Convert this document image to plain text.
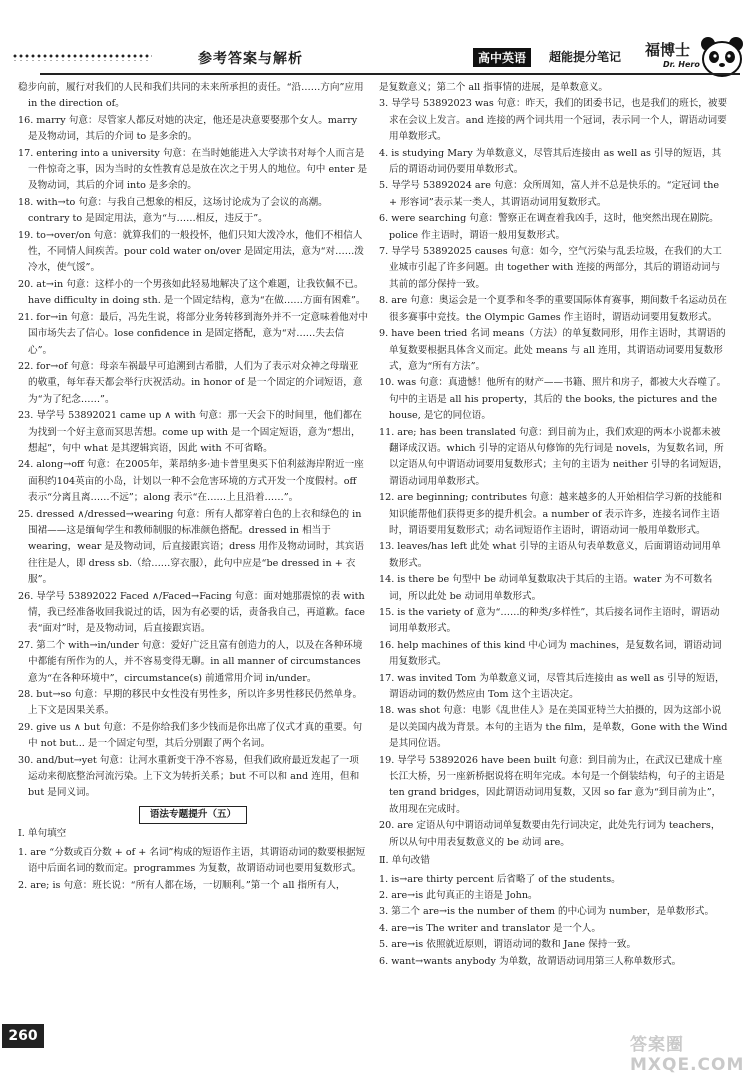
参考答案与解析	高中英语	超能提分笔记 福博士
Dr. Hero

稳步向前，履行对我们的人民和我们共同的未来所承担的责任。“沿……方向”应用 in the direction of。

16. marry 句意：尽管家人都反对她的决定，他还是决意要娶那个女人。marry 是及物动词，其后的介词 to 是多余的。

17. entering into a university 句意：在当时她能进入大学读书对每个人而言是一件惊奇之事，因为当时的女性教育总是放在次之于男人的地位。句中 enter 是及物动词，其后的介词 into 是多余的。

18. with→to 句意：与我自己想象的相反，这场讨论成为了会议的高潮。contrary to 是固定用法，意为“与……相反，违反于”。

19. to→over/on 句意：就算我们的一般投怀，他们只知大泼冷水，他们不相信人性，不同情人间疾苦。pour cold water on/over 是固定用法，意为“对……泼冷水，使气馁”。

20. at→in 句意：这样小的一个男孩如此轻易地解决了这个难题，让我钦佩不已。have difficulty in doing sth. 是一个固定结构，意为“在做……方面有困难”。

21. for→in 句意：最后，冯先生说，将部分业务转移到海外并不一定意味着他对中国市场失去了信心。lose confidence in 是固定搭配，意为“对……失去信心”。

22. for→of 句意：母亲车祸最早可追溯到古希腊，人们为了表示对众神之母瑞亚的敬重，每年春天都会举行庆祝活动。in honor of 是一个固定的介词短语，意为“为了纪念……”。

23. 导学号 53892021 came up ∧ with 句意：那一天会下的时间里，他们都在为找到一个好主意而冥思苦想。come up with 是一个固定短语，意为“想出，想起”，句中 what 是其逻辑宾语，因此 with 不可省略。

24. along→off 句意：在2005年，莱昂纳多·迪卡普里奥买下伯利兹海岸附近一座面积约104英亩的小岛，计划以一种不会危害环境的方式开发一个度假村。off 表示“分离且离……不远”；along 表示“在……上且沿着……”。

25. dressed ∧/dressed→wearing 句意：所有人都穿着白色的上衣和绿色的 in 围裙——这是缅甸学生和教师制服的标准颜色搭配。dressed in 相当于 wearing，wear 是及物动词，后直接跟宾语；dress 用作及物动词时，其宾语往往是人，即 dress sb.（给……穿衣服），此句中应是“be dressed in + 衣服”。

26. 导学号 53892022 Faced ∧/Faced→Facing 句意：面对她那震惊的表 with 情，我已经准备收回我说过的话，因为有必要的话，责备我自己，再道歉。face 表“面对”时，是及物动词，后直接跟宾语。

27. 第二个 with→in/under 句意：爱好广泛且富有创造力的人，以及在各种环境中都能有所作为的人，并不容易变得无聊。in all manner of circumstances 意为“在各种环境中”，circumstance(s) 前通常用介词 in/under。

28. but→so 句意：早期的移民中女性没有男性多，所以许多男性移民仍然单身。上下文是因果关系。

29. give us ∧ but 句意：不是你给我们多少钱而是你出席了仪式才真的重要。句中 not but... 是一个固定句型，其后分别跟了两个名词。

30. and/but→yet 句意：让河水重新变干净不容易，但我们政府最近发起了一项运动来彻底整治河流污染。上下文为转折关系；but 不可以和 and 连用，但和 but 是同义词。

语法专题提升（五）

Ⅰ. 单句填空

1. are “分数或百分数 + of + 名词”构成的短语作主语，其谓语动词的数要根据短语中后面名词的数而定。programmes 为复数，故谓语动词也要用复数形式。

2. are; is 句意：班长说：“所有人都在场，一切顺利。”第一个 all 指所有人，

是复数意义；第二个 all 指事情的进展，是单数意义。

3. 导学号 53892023 was 句意：昨天，我们的团委书记，也是我们的班长，被要求在会议上发言。and 连接的两个词共用一个冠词，表示同一个人，谓语动词要用单数形式。

4. is studying Mary 为单数意义，尽管其后连接由 as well as 引导的短语，其后的谓语动词仍要用单数形式。

5. 导学号 53892024 are 句意：众所周知，富人并不总是快乐的。“定冠词 the + 形容词”表示某一类人，其谓语动词用复数形式。

6. were searching 句意：警察正在调查着我凶手，这时，他突然出现在剧院。police 作主语时，谓语一般用复数形式。

7. 导学号 53892025 causes 句意：如今，空气污染与乱丢垃圾，在我们的大工业城市引起了许多问题。由 together with 连接的两部分，其后的谓语动词与其前的部分保持一致。

8. are 句意：奥运会是一个夏季和冬季的重要国际体育赛事，期间数千名运动员在很多赛事中竞技。the Olympic Games 作主语时，谓语动词要用复数形式。

9. have been tried 名词 means（方法）的单复数同形，用作主语时，其谓语的单复数要根据具体含义而定。此处 means 与 all 连用，其谓语动词要用复数形式，意为“所有方法”。

10. was 句意：真遗憾！他所有的财产——书籍、照片和房子，都被大火吞噬了。句中的主语是 all his property，其后的 the books, the pictures and the house, 是它的同位语。

11. are; has been translated 句意：到目前为止，我们欢迎的两本小说都未被翻译成汉语。which 引导的定语从句修饰的先行词是 novels，为复数名词，所以定语从句中谓语动词要用复数形式；主句的主语为 neither 引导的名词短语，谓语动词用单数形式。

12. are beginning; contributes 句意：越来越多的人开始相信学习新的技能和知识能帮他们获得更多的提升机会。a number of 表示许多，连接名词作主语时，谓语要用复数形式；动名词短语作主语时，谓语动词一般用单数形式。

13. leaves/has left 此处 what 引导的主语从句表单数意义，后面谓语动词用单数形式。

14. is there be 句型中 be 动词单复数取决于其后的主语。water 为不可数名词，所以此处 be 动词用单数形式。

15. is the variety of 意为“……的种类/多样性”，其后接名词作主语时，谓语动词用单数形式。

16. help machines of this kind 中心词为 machines，是复数名词，谓语动词用复数形式。

17. was invited Tom 为单数意义词，尽管其后连接由 as well as 引导的短语，谓语动词的数仍然应由 Tom 这个主语决定。

18. was shot 句意：电影《乱世佳人》是在美国亚特兰大拍摄的，因为这部小说是以美国内战为背景。本句的主语为 the film，是单数，Gone with the Wind 是其同位语。

19. 导学号 53892026 have been built 句意：到目前为止，在武汉已建成十座长江大桥，另一座新桥据说将在明年完成。本句是一个倒装结构，句子的主语是 ten grand bridges，因此谓语动词用复数，又因 so far 意为“到目前为止”，故用现在完成时。

20. are 定语从句中谓语动词单复数要由先行词决定，此处先行词为 teachers，所以从句中用表复数意义的 be 动词 are。

Ⅱ. 单句改错

1. is→are thirty percent 后省略了 of the students。

2. are→is 此句真正的主语是 John。

3. 第二个 are→is the number of them 的中心词为 number，是单数形式。

4. are→is The writer and translator 是一个人。

5. are→is 依照就近原则，谓语动词的数和 Jane 保持一致。

6. want→wants anybody 为单数，故谓语动词用第三人称单数形式。

260	答案圈 MXQE.COM
